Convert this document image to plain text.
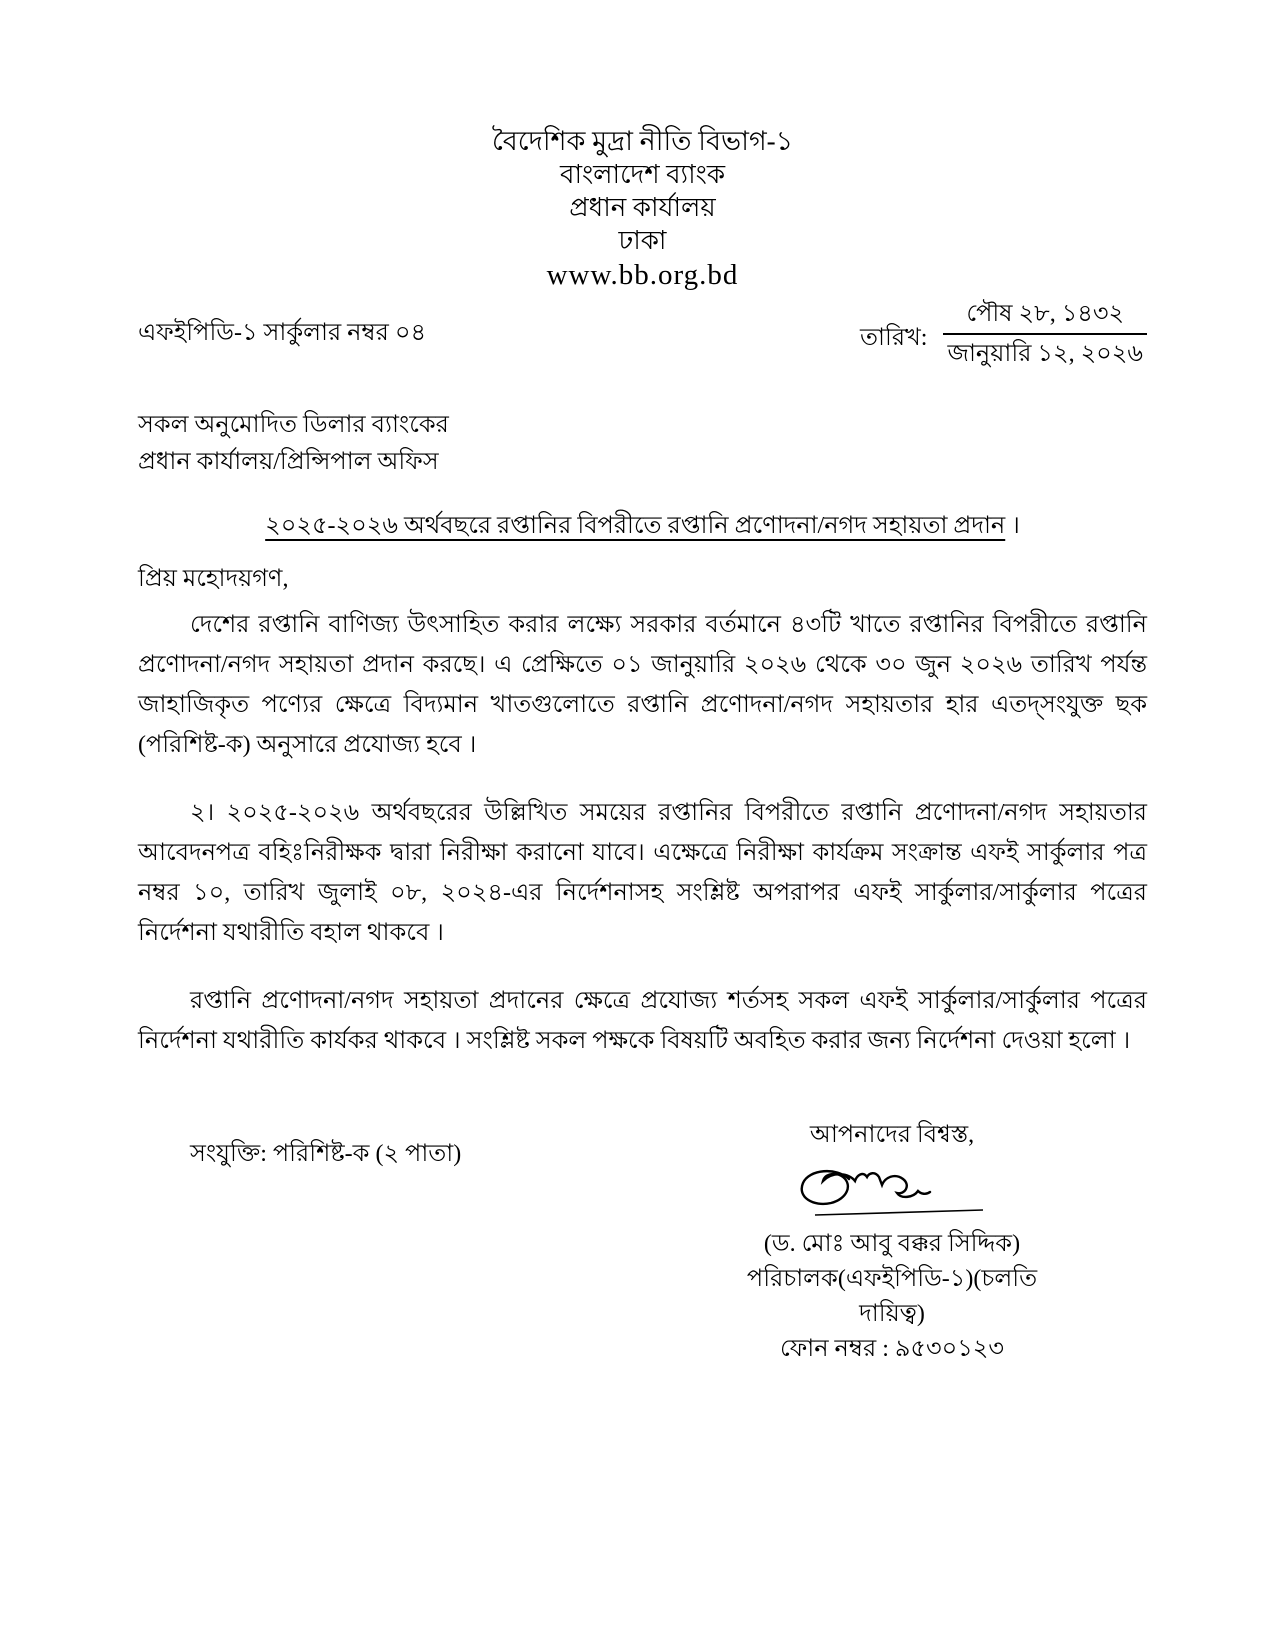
বৈদেশিক মুদ্রা নীতি বিভাগ-১
বাংলাদেশ ব্যাংক
প্রধান কার্যালয়
ঢাকা
www.bb.org.bd
এফইপিডি-১ সার্কুলার নম্বর ০৪	তারিখ: $\frac{\text{পৌষ ২৮, ১৪৩২}}{\text{জানুয়ারি ১২, ২০২৬}}$
সকল অনুমোদিত ডিলার ব্যাংকের
প্রধান কার্যালয়/প্রিন্সিপাল অফিস
২০২৫-২০২৬ অর্থবছরে রপ্তানির বিপরীতে রপ্তানি প্রণোদনা/নগদ সহায়তা প্রদান ।
প্রিয় মহোদয়গণ,

দেশের রপ্তানি বাণিজ্য উৎসাহিত করার লক্ষ্যে সরকার বর্তমানে ৪৩টি খাতে রপ্তানির বিপরীতে রপ্তানি প্রণোদনা/নগদ সহায়তা প্রদান করছে। এ প্রেক্ষিতে ০১ জানুয়ারি ২০২৬ থেকে ৩০ জুন ২০২৬ তারিখ পর্যন্ত জাহাজিকৃত পণ্যের ক্ষেত্রে বিদ্যমান খাতগুলোতে রপ্তানি প্রণোদনা/নগদ সহায়তার হার এতদ্‌সংযুক্ত ছক (পরিশিষ্ট-ক) অনুসারে প্রযোজ্য হবে ।

২। ২০২৫-২০২৬ অর্থবছরের উল্লিখিত সময়ের রপ্তানির বিপরীতে রপ্তানি প্রণোদনা/নগদ সহায়তার আবেদনপত্র বহিঃনিরীক্ষক দ্বারা নিরীক্ষা করানো যাবে। এক্ষেত্রে নিরীক্ষা কার্যক্রম সংক্রান্ত এফই সার্কুলার পত্র নম্বর ১০, তারিখ জুলাই ০৮, ২০২৪-এর নির্দেশনাসহ সংশ্লিষ্ট অপরাপর এফই সার্কুলার/সার্কুলার পত্রের নির্দেশনা যথারীতি বহাল থাকবে ।

রপ্তানি প্রণোদনা/নগদ সহায়তা প্রদানের ক্ষেত্রে প্রযোজ্য শর্তসহ সকল এফই সার্কুলার/সার্কুলার পত্রের নির্দেশনা যথারীতি কার্যকর থাকবে । সংশ্লিষ্ট সকল পক্ষকে বিষয়টি অবহিত করার জন্য নির্দেশনা দেওয়া হলো ।

সংযুক্তি: পরিশিষ্ট-ক (২ পাতা)
আপনাদের বিশ্বস্ত,
(ড. মোঃ আবু বক্কর সিদ্দিক)
পরিচালক(এফইপিডি-১)(চলতি দায়িত্ব)
ফোন নম্বর : ৯৫৩০১২৩
